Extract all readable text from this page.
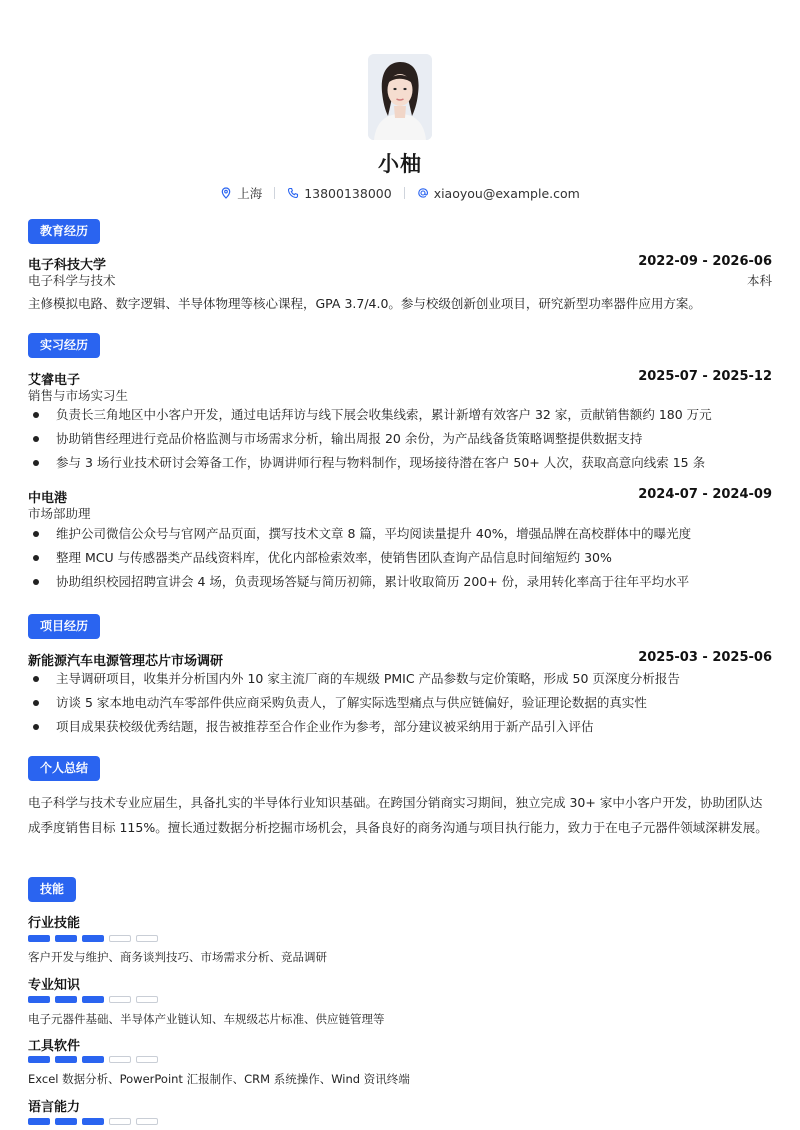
小柚
上海	13800138000	xiaoyou@example.com
教育经历
电子科技大学	2022-09 - 2026-06
电子科学与技术	本科
主修模拟电路、数字逻辑、半导体物理等核心课程，GPA 3.7/4.0。参与校级创新创业项目，研究新型功率器件应用方案。
实习经历
艾睿电子	2025-07 - 2025-12
销售与市场实习生
负责长三角地区中小客户开发，通过电话拜访与线下展会收集线索，累计新增有效客户 32 家，贡献销售额约 180 万元
协助销售经理进行竞品价格监测与市场需求分析，输出周报 20 余份，为产品线备货策略调整提供数据支持
参与 3 场行业技术研讨会筹备工作，协调讲师行程与物料制作，现场接待潜在客户 50+ 人次，获取高意向线索 15 条
中电港	2024-07 - 2024-09
市场部助理
维护公司微信公众号与官网产品页面，撰写技术文章 8 篇，平均阅读量提升 40%，增强品牌在高校群体中的曝光度
整理 MCU 与传感器类产品线资料库，优化内部检索效率，使销售团队查询产品信息时间缩短约 30%
协助组织校园招聘宣讲会 4 场，负责现场答疑与简历初筛，累计收取简历 200+ 份，录用转化率高于往年平均水平
项目经历
新能源汽车电源管理芯片市场调研	2025-03 - 2025-06
主导调研项目，收集并分析国内外 10 家主流厂商的车规级 PMIC 产品参数与定价策略，形成 50 页深度分析报告
访谈 5 家本地电动汽车零部件供应商采购负责人，了解实际选型痛点与供应链偏好，验证理论数据的真实性
项目成果获校级优秀结题，报告被推荐至合作企业作为参考，部分建议被采纳用于新产品引入评估
个人总结
电子科学与技术专业应届生，具备扎实的半导体行业知识基础。在跨国分销商实习期间，独立完成 30+ 家中小客户开发，协助团队达成季度销售目标 115%。擅长通过数据分析挖掘市场机会，具备良好的商务沟通与项目执行能力，致力于在电子元器件领域深耕发展。
技能
行业技能
客户开发与维护、商务谈判技巧、市场需求分析、竞品调研
专业知识
电子元器件基础、半导体产业链认知、车规级芯片标准、供应链管理等
工具软件
Excel 数据分析、PowerPoint 汇报制作、CRM 系统操作、Wind 资讯终端
语言能力
